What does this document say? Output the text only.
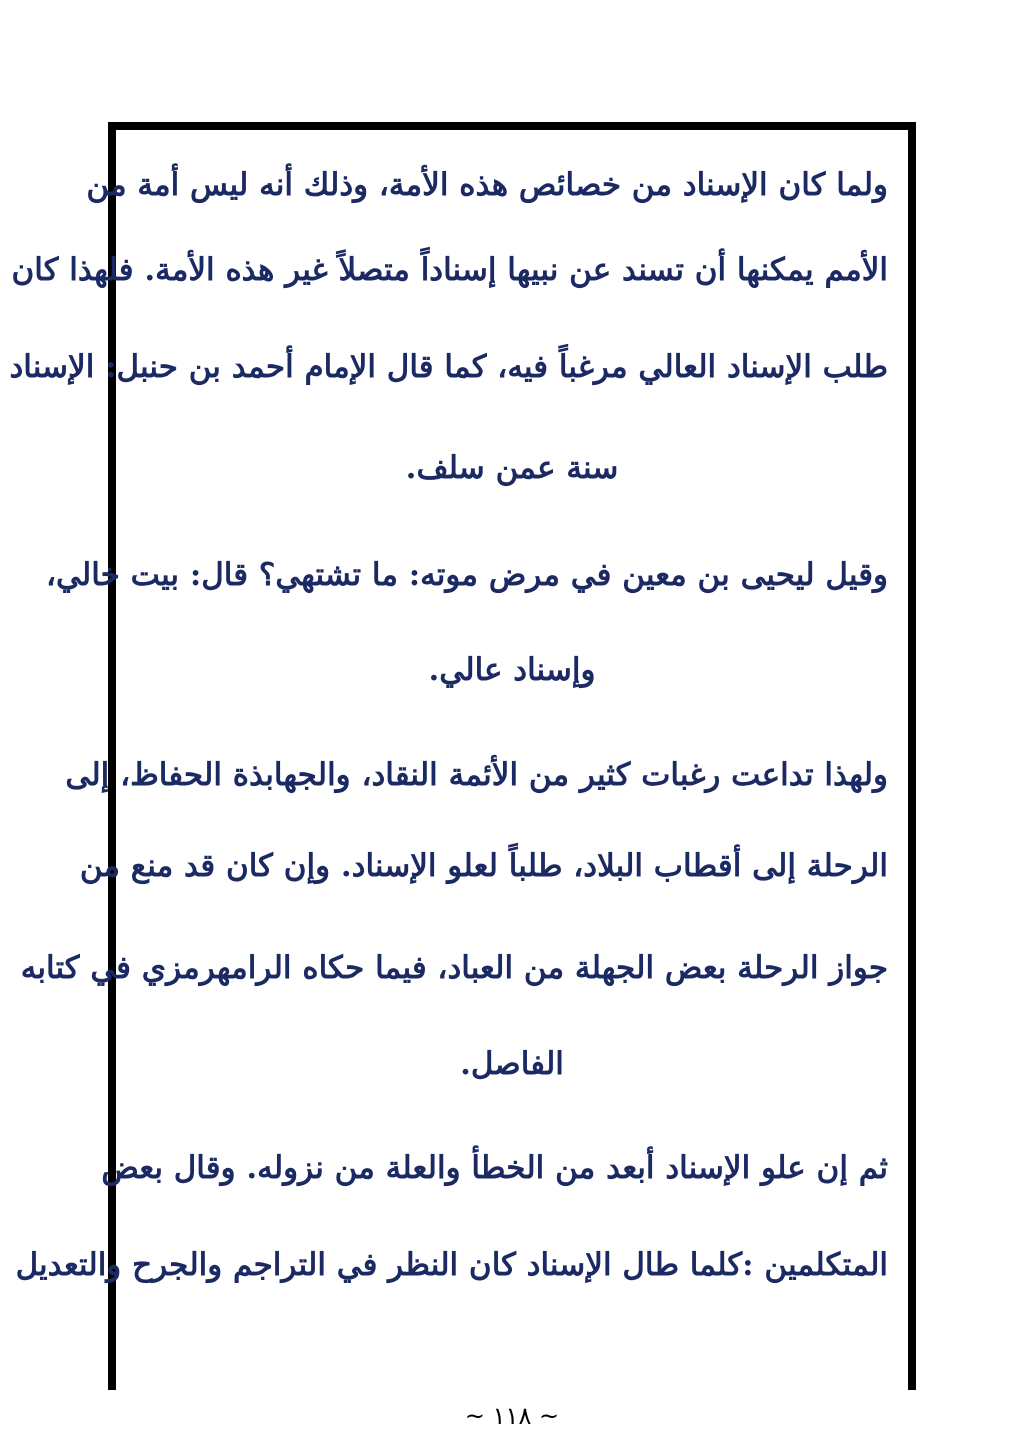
ولما كان الإسناد من خصائص هذه الأمة، وذلك أنه ليس أمة من
الأمم يمكنها أن تسند عن نبيها إسناداً متصلاً غير هذه الأمة. فلهذا كان
طلب الإسناد العالي مرغباً فيه، كما قال الإمام أحمد بن حنبل: الإسناد
سنة عمن سلف.
وقيل ليحيى بن معين في مرض موته: ما تشتهي؟ قال: بيت خالي،
وإسناد عالي.
ولهذا تداعت رغبات كثير من الأئمة النقاد، والجهابذة الحفاظ، إلى
الرحلة إلى أقطاب البلاد، طلباً لعلو الإسناد. وإن كان قد منع من
جواز الرحلة بعض الجهلة من العباد، فيما حكاه الرامهرمزي في كتابه
الفاصل.
ثم إن علو الإسناد أبعد من الخطأ والعلة من نزوله. وقال بعض
المتكلمين :كلما طال الإسناد كان النظر في التراجم والجرح والتعديل
~ ١١٨ ~
